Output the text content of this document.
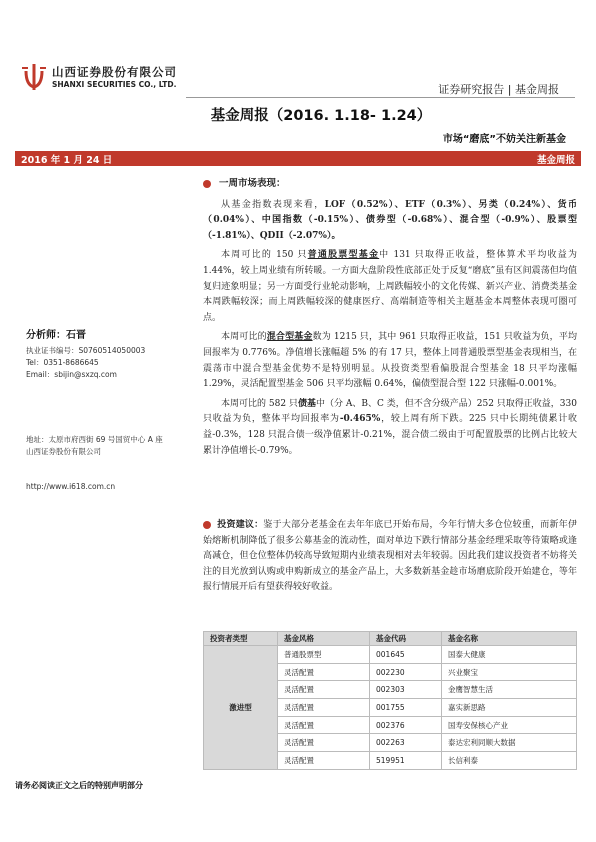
山西证券股份有限公司
SHANXI SECURITIES CO., LTD.	证券研究报告 | 基金周报
基金周报（2016. 1.18- 1.24）
市场“磨底”不妨关注新基金
2016 年 1 月 24 日	基金周报
分析师：石晋
执业证书编号：S0760514050003
Tel：0351-8686645
Email：sbijin@sxzq.com
地址：太原市府西街 69 号国贸中心 A 座
山西证券股份有限公司
http://www.i618.com.cn
一周市场表现：

从基金指数表现来看，LOF（0.52%）、ETF（0.3%）、另类（0.24%）、货币（0.04%）、中国指数（-0.15%）、债券型（-0.68%）、混合型（-0.9%）、股票型（-1.81%）、QDII（-2.07%）。

本周可比的 150 只普通股票型基金中 131 只取得正收益，整体算术平均收益为 1.44%，较上周业绩有所转暖。一方面大盘阶段性底部正处于反复“磨底”虽有区间震荡但均值复归迹象明显；另一方面受行业轮动影响，上周跌幅较小的文化传媒、新兴产业、消费类基金本周跌幅较深；而上周跌幅较深的健康医疗、高端制造等相关主题基金本周整体表现可圈可点。

本周可比的混合型基金数为 1215 只，其中 961 只取得正收益，151 只收益为负，平均回报率为 0.776%。净值增长涨幅超 5% 的有 17 只，整体上同普通股票型基金表现相当，在震荡市中混合型基金优势不是特别明显。从投资类型看偏股混合型基金 18 只平均涨幅 1.29%，灵活配置型基金 506 只平均涨幅 0.64%，偏债型混合型 122 只涨幅-0.001%。

本周可比的 582 只债基中（分 A、B、C 类，但不含分级产品）252 只取得正收益，330 只收益为负，整体平均回报率为-0.465%，较上周有所下跌。225 只中长期纯债累计收益-0.3%，128 只混合债一级净值累计-0.21%，混合债二级由于可配置股票的比例占比较大累计净值增长-0.79%。

投资建议：鉴于大部分老基金在去年年底已开始布局，今年行情大多仓位较重，而新年伊始熔断机制降低了很多公募基金的流动性，面对单边下跌行情部分基金经理采取等待策略或逢高减仓，但仓位整体仍较高导致短期内业绩表现相对去年较弱。因此我们建议投资者不妨将关注的目光放到认购或申购新成立的基金产品上，大多数新基金趁市场磨底阶段开始建仓，等年报行情展开后有望获得较好收益。

投资者类型	基金风格	基金代码	基金名称
激进型	普通股票型	001645	国泰大健康
	灵活配置	002230	兴业聚宝
	灵活配置	002303	金鹰智慧生活
	灵活配置	001755	嘉实新思路
	灵活配置	002376	国寿安保核心产业
	灵活配置	002263	泰达宏利同顺大数据
	灵活配置	519951	长信利泰
请务必阅读正文之后的特别声明部分
